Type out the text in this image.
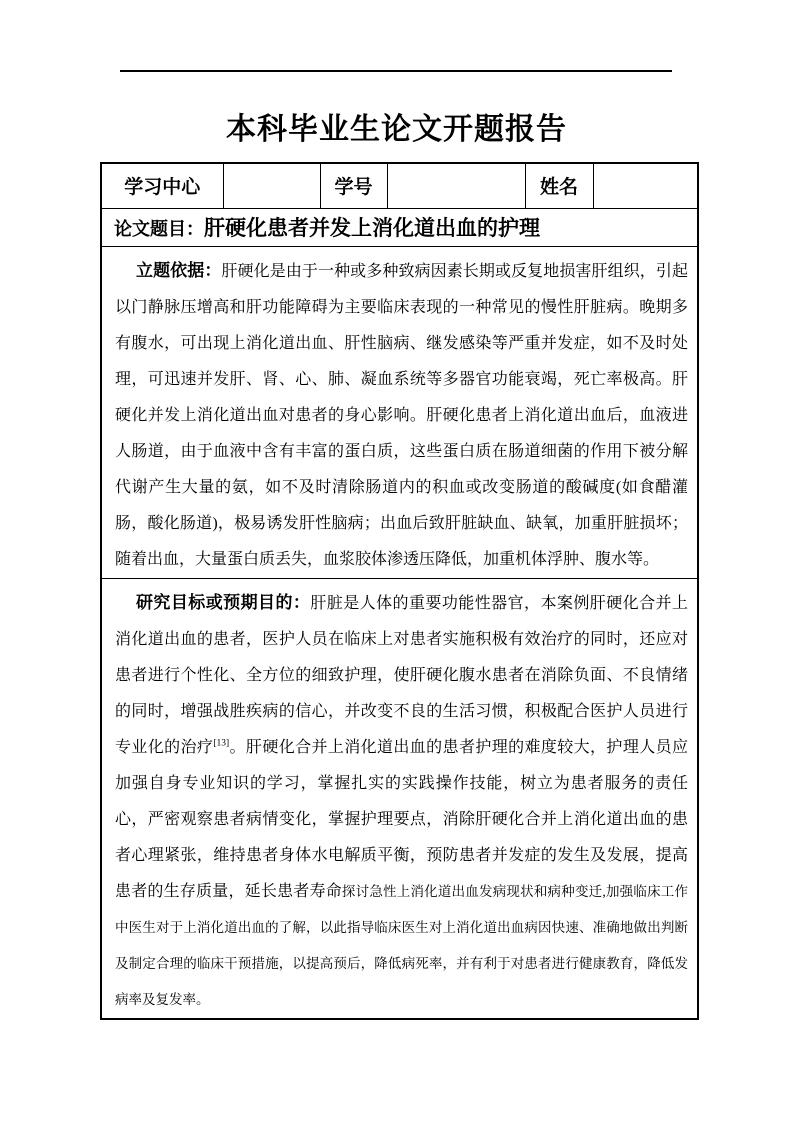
本科毕业生论文开题报告
学习中心		学号		姓名	
论文题目：肝硬化患者并发上消化道出血的护理

立题依据：肝硬化是由于一种或多种致病因素长期或反复地损害肝组织，引起以门静脉压增高和肝功能障碍为主要临床表现的一种常见的慢性肝脏病。晚期多有腹水，可出现上消化道出血、肝性脑病、继发感染等严重并发症，如不及时处理，可迅速并发肝、肾、心、肺、凝血系统等多器官功能衰竭，死亡率极高。肝硬化并发上消化道出血对患者的身心影响。肝硬化患者上消化道出血后，血液进人肠道，由于血液中含有丰富的蛋白质，这些蛋白质在肠道细菌的作用下被分解代谢产生大量的氨，如不及时清除肠道内的积血或改变肠道的酸碱度(如食醋灌肠，酸化肠道)，极易诱发肝性脑病；出血后致肝脏缺血、缺氧，加重肝脏损坏；随着出血，大量蛋白质丢失，血浆胶体渗透压降低，加重机体浮肿、腹水等。

研究目标或预期目的：肝脏是人体的重要功能性器官，本案例肝硬化合并上消化道出血的患者，医护人员在临床上对患者实施积极有效治疗的同时，还应对患者进行个性化、全方位的细致护理，使肝硬化腹水患者在消除负面、不良情绪的同时，增强战胜疾病的信心，并改变不良的生活习惯，积极配合医护人员进行专业化的治疗[13]。肝硬化合并上消化道出血的患者护理的难度较大，护理人员应加强自身专业知识的学习，掌握扎实的实践操作技能，树立为患者服务的责任心，严密观察患者病情变化，掌握护理要点，消除肝硬化合并上消化道出血的患者心理紧张，维持患者身体水电解质平衡，预防患者并发症的发生及发展，提高患者的生存质量，延长患者寿命探讨急性上消化道出血发病现状和病种变迁,加强临床工作中医生对于上消化道出血的了解，以此指导临床医生对上消化道出血病因快速、准确地做出判断及制定合理的临床干预措施，以提高预后，降低病死率，并有利于对患者进行健康教育，降低发病率及复发率。
